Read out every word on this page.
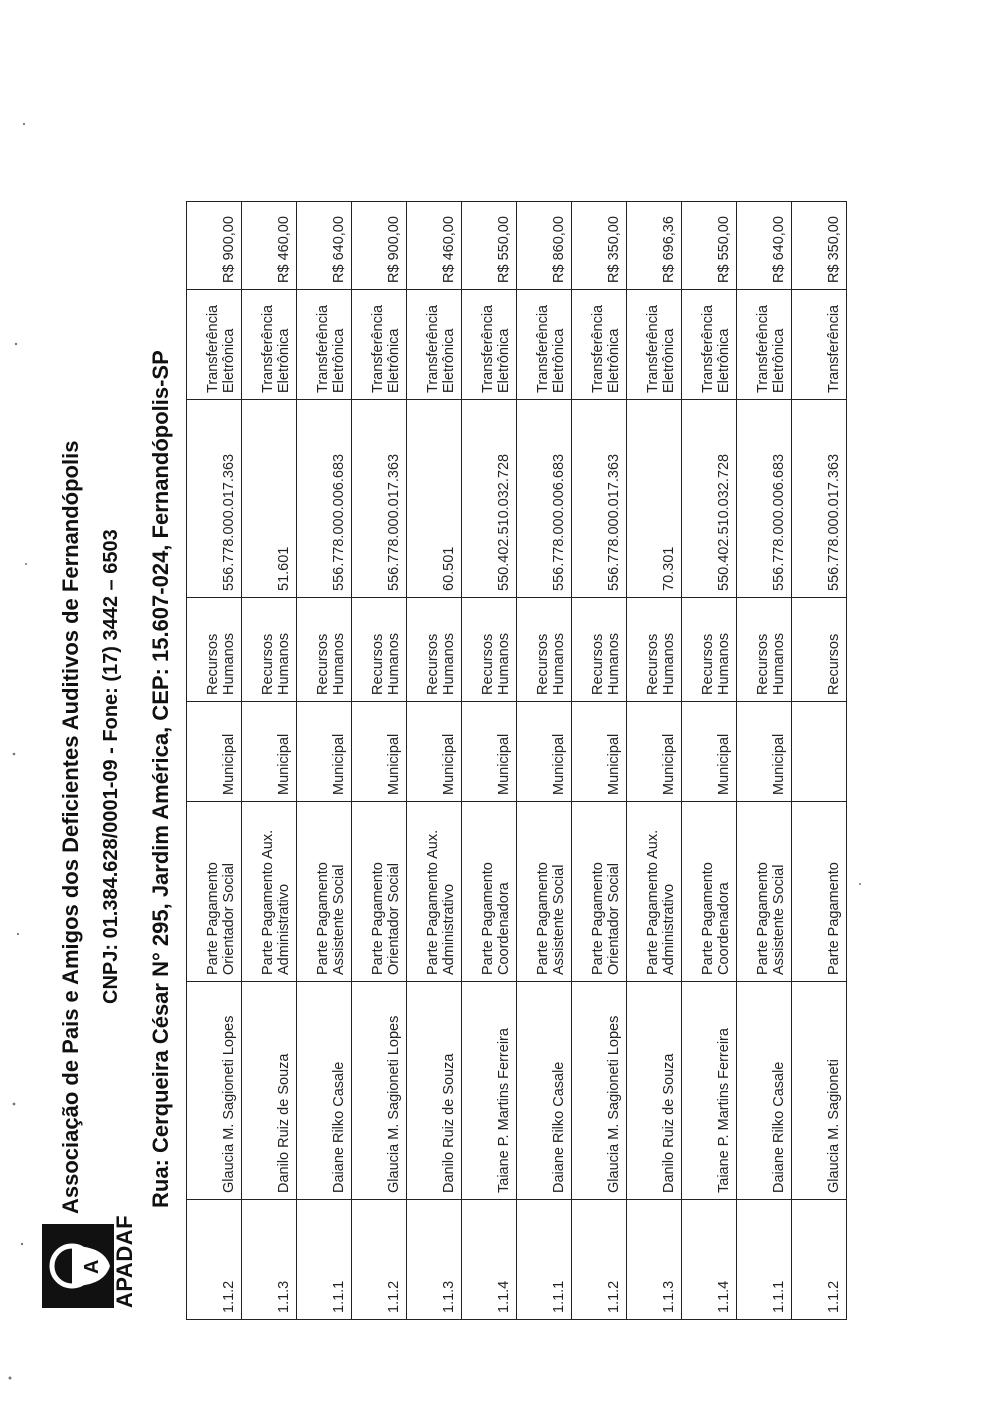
A APADAF
Associação de Pais e Amigos dos Deficientes Auditivos de Fernandópolis CNPJ: 01.384.628/0001-09 - Fone: (17) 3442 – 6503 Rua: Cerqueira César N° 295, Jardim América, CEP: 15.607-024, Fernandópolis-SP
1.1.2	Glaucia M. Sagioneti Lopes	Parte Pagamento Orientador Social	Municipal	Recursos Humanos	556.778.000.017.363	Transferência Eletrônica	R$ 900,00
1.1.3	Danilo Ruiz de Souza	Parte Pagamento Aux. Administrativo	Municipal	Recursos Humanos	51.601	Transferência Eletrônica	R$ 460,00
1.1.1	Daiane Rilko Casale	Parte Pagamento Assistente Social	Municipal	Recursos Humanos	556.778.000.006.683	Transferência Eletrônica	R$ 640,00
1.1.2	Glaucia M. Sagioneti Lopes	Parte Pagamento Orientador Social	Municipal	Recursos Humanos	556.778.000.017.363	Transferência Eletrônica	R$ 900,00
1.1.3	Danilo Ruiz de Souza	Parte Pagamento Aux. Administrativo	Municipal	Recursos Humanos	60.501	Transferência Eletrônica	R$ 460,00
1.1.4	Taiane P. Martins Ferreira	Parte Pagamento Coordenadora	Municipal	Recursos Humanos	550.402.510.032.728	Transferência Eletrônica	R$ 550,00
1.1.1	Daiane Rilko Casale	Parte Pagamento Assistente Social	Municipal	Recursos Humanos	556.778.000.006.683	Transferência Eletrônica	R$ 860,00
1.1.2	Glaucia M. Sagioneti Lopes	Parte Pagamento Orientador Social	Municipal	Recursos Humanos	556.778.000.017.363	Transferência Eletrônica	R$ 350,00
1.1.3	Danilo Ruiz de Souza	Parte Pagamento Aux. Administrativo	Municipal	Recursos Humanos	70.301	Transferência Eletrônica	R$ 696,36
1.1.4	Taiane P. Martins Ferreira	Parte Pagamento Coordenadora	Municipal	Recursos Humanos	550.402.510.032.728	Transferência Eletrônica	R$ 550,00
1.1.1	Daiane Rilko Casale	Parte Pagamento Assistente Social	Municipal	Recursos Humanos	556.778.000.006.683	Transferência Eletrônica	R$ 640,00
1.1.2	Glaucia M. Sagioneti	Parte Pagamento		Recursos	556.778.000.017.363	Transferência	R$ 350,00
